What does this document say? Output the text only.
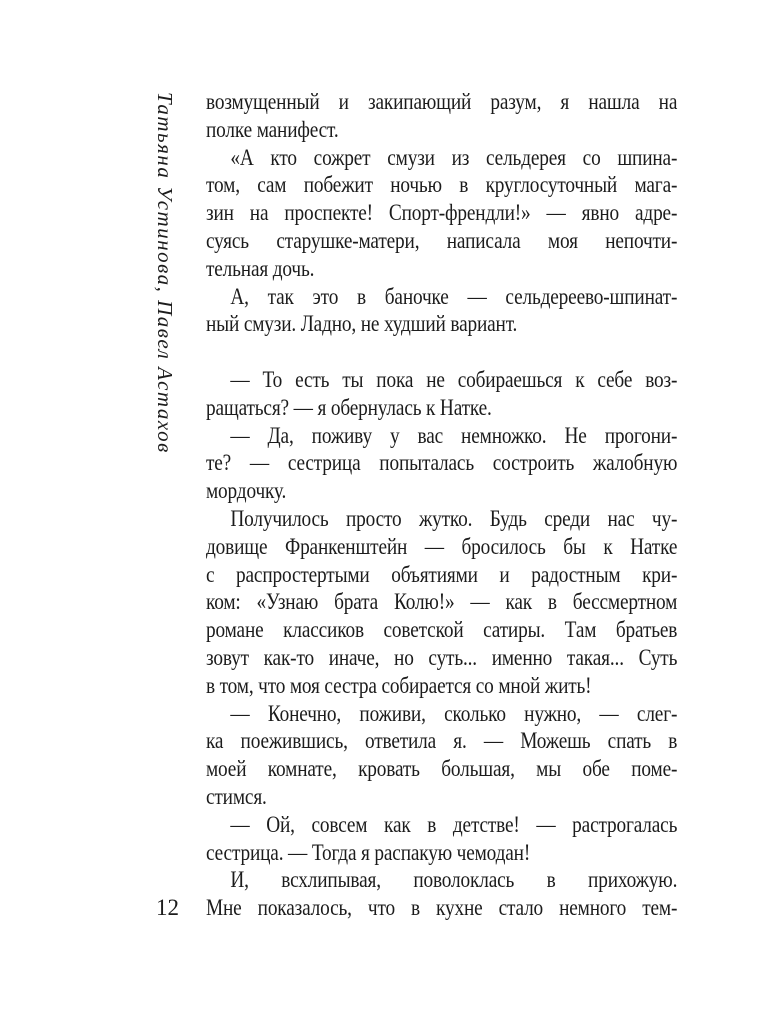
Татьяна Устинова, Павел Астахов возмущенный и закипающий разум, я нашла на
полке манифест.
«А кто сожрет смузи из сельдерея со шпина-
том, сам побежит ночью в круглосуточный мага-
зин на проспекте! Спорт-френдли!» — явно адре-
суясь старушке-матери, написала моя непочти-
тельная дочь.
А, так это в баночке — сельдереево-шпинат-
ный смузи. Ладно, не худший вариант.
— То есть ты пока не собираешься к себе воз-
ращаться? — я обернулась к Натке.
— Да, поживу у вас немножко. Не прогони-
те? — сестрица попыталась состроить жалобную
мордочку.
Получилось просто жутко. Будь среди нас чу-
довище Франкенштейн — бросилось бы к Натке
с распростертыми объятиями и радостным кри-
ком: «Узнаю брата Колю!» — как в бессмертном
романе классиков советской сатиры. Там братьев
зовут как-то иначе, но суть... именно такая... Суть
в том, что моя сестра собирается со мной жить!
— Конечно, поживи, сколько нужно, — слег-
ка поежившись, ответила я. — Можешь спать в
моей комнате, кровать большая, мы обе поме-
стимся.
— Ой, совсем как в детстве! — растрогалась
сестрица. — Тогда я распакую чемодан!
И, всхлипывая, поволоклась в прихожую.
Мне показалось, что в кухне стало немного тем-
12
